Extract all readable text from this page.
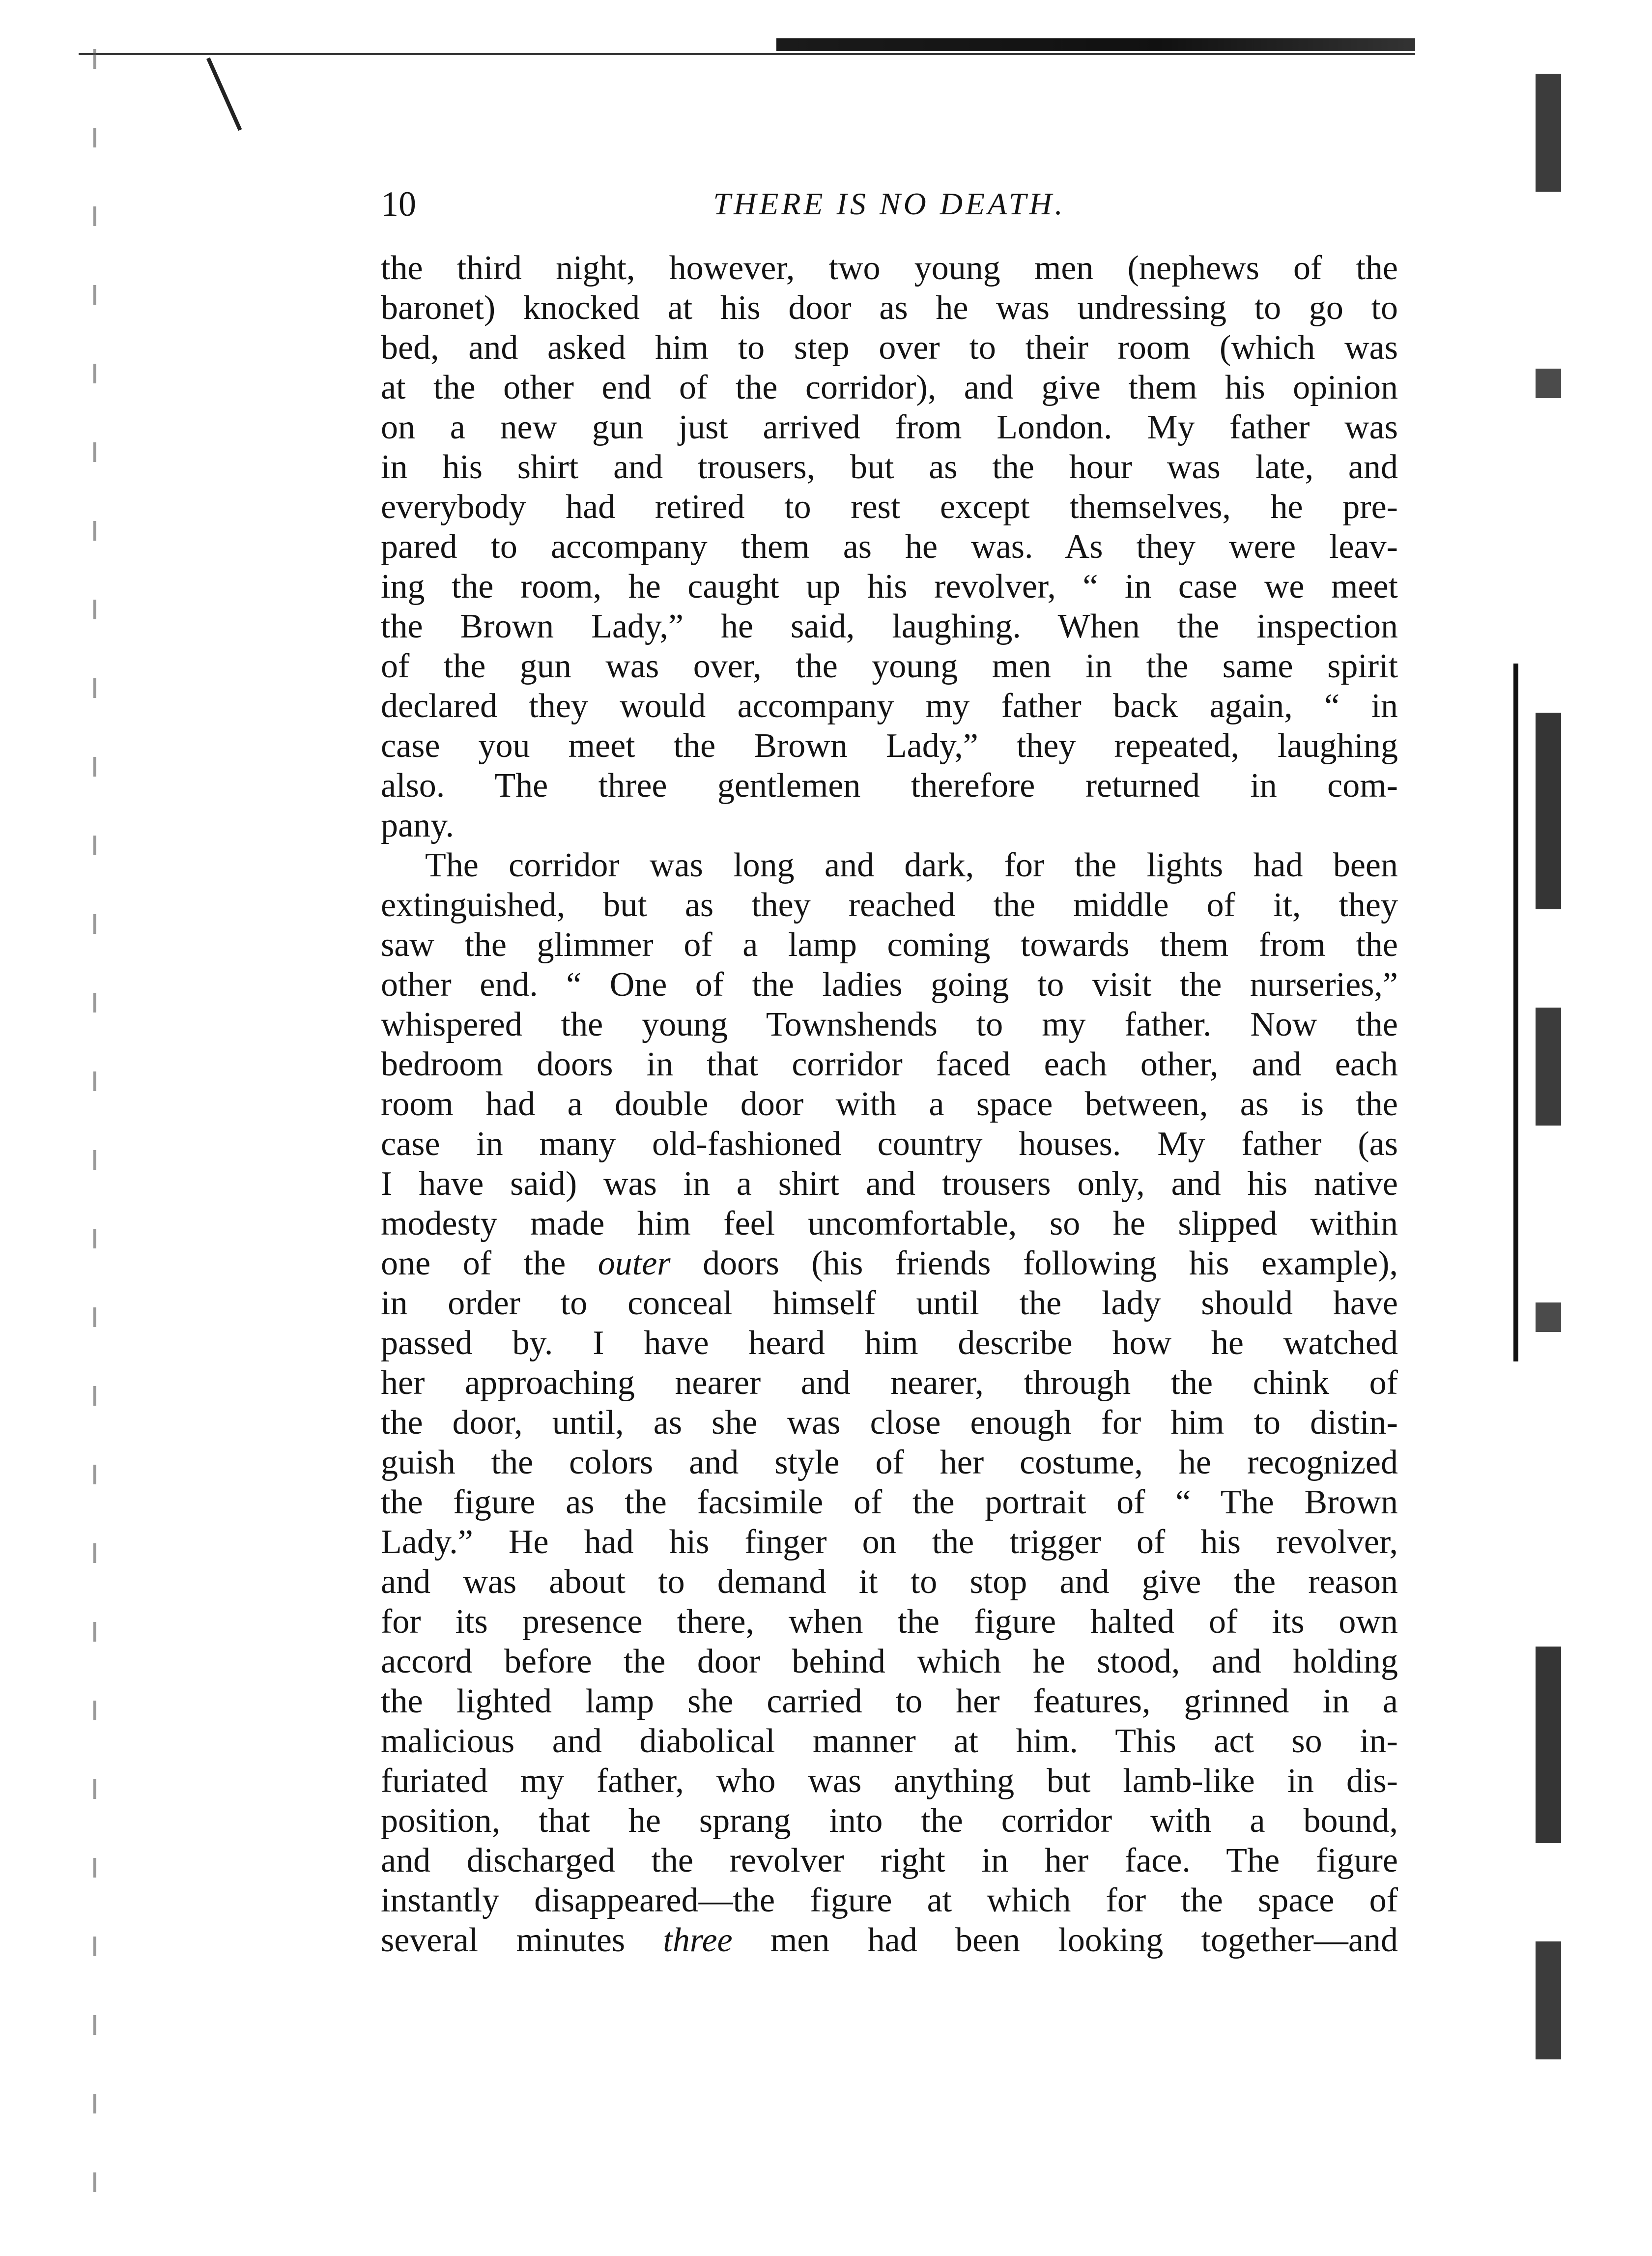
10	THERE IS NO DEATH.
the third night, however, two young men (nephews of the
baronet) knocked at his door as he was undressing to go to
bed, and asked him to step over to their room (which was
at the other end of the corridor), and give them his opinion
on a new gun just arrived from London. My father was
in his shirt and trousers, but as the hour was late, and
everybody had retired to rest except themselves, he pre-
pared to accompany them as he was. As they were leav-
ing the room, he caught up his revolver, “ in case we meet
the Brown Lady,” he said, laughing. When the inspection
of the gun was over, the young men in the same spirit
declared they would accompany my father back again, “ in
case you meet the Brown Lady,” they repeated, laughing
also. The three gentlemen therefore returned in com-
pany.
The corridor was long and dark, for the lights had been
extinguished, but as they reached the middle of it, they
saw the glimmer of a lamp coming towards them from the
other end. “ One of the ladies going to visit the nurseries,”
whispered the young Townshends to my father. Now the
bedroom doors in that corridor faced each other, and each
room had a double door with a space between, as is the
case in many old-fashioned country houses. My father (as
I have said) was in a shirt and trousers only, and his native
modesty made him feel uncomfortable, so he slipped within
one of the outer doors (his friends following his example),
in order to conceal himself until the lady should have
passed by. I have heard him describe how he watched
her approaching nearer and nearer, through the chink of
the door, until, as she was close enough for him to distin-
guish the colors and style of her costume, he recognized
the figure as the facsimile of the portrait of “ The Brown
Lady.” He had his finger on the trigger of his revolver,
and was about to demand it to stop and give the reason
for its presence there, when the figure halted of its own
accord before the door behind which he stood, and holding
the lighted lamp she carried to her features, grinned in a
malicious and diabolical manner at him. This act so in-
furiated my father, who was anything but lamb-like in dis-
position, that he sprang into the corridor with a bound,
and discharged the revolver right in her face. The figure
instantly disappeared—the figure at which for the space of
several minutes three men had been looking together—and
